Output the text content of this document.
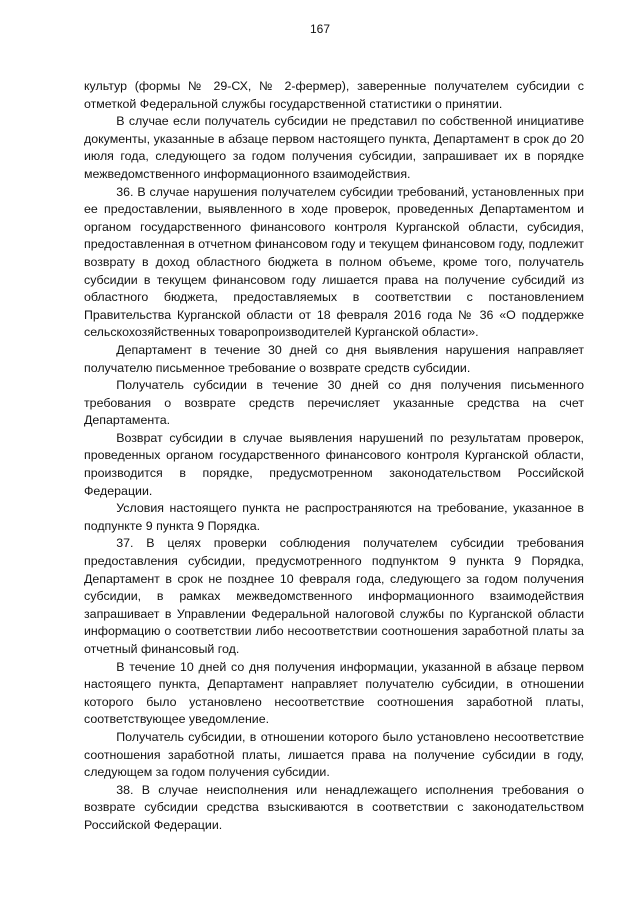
167

культур (формы № 29-СХ, № 2-фермер), заверенные получателем субсидии с отметкой Федеральной службы государственной статистики о принятии.

В случае если получатель субсидии не представил по собственной инициативе документы, указанные в абзаце первом настоящего пункта, Департамент в срок до 20 июля года, следующего за годом получения субсидии, запрашивает их в порядке межведомственного информационного взаимодействия.

36. В случае нарушения получателем субсидии требований, установленных при ее предоставлении, выявленного в ходе проверок, проведенных Департаментом и органом государственного финансового контроля Курганской области, субсидия, предоставленная в отчетном финансовом году и текущем финансовом году, подлежит возврату в доход областного бюджета в полном объеме, кроме того, получатель субсидии в текущем финансовом году лишается права на получение субсидий из областного бюджета, предоставляемых в соответствии с постановлением Правительства Курганской области от 18 февраля 2016 года № 36 «О поддержке сельскохозяйственных товаропроизводителей Курганской области».

Департамент в течение 30 дней со дня выявления нарушения направляет получателю письменное требование о возврате средств субсидии.

Получатель субсидии в течение 30 дней со дня получения письменного требования о возврате средств перечисляет указанные средства на счет Департамента.

Возврат субсидии в случае выявления нарушений по результатам проверок, проведенных органом государственного финансового контроля Курганской области, производится в порядке, предусмотренном законодательством Российской Федерации.

Условия настоящего пункта не распространяются на требование, указанное в подпункте 9 пункта 9 Порядка.

37. В целях проверки соблюдения получателем субсидии требования предоставления субсидии, предусмотренного подпунктом 9 пункта 9 Порядка, Департамент в срок не позднее 10 февраля года, следующего за годом получения субсидии, в рамках межведомственного информационного взаимодействия запрашивает в Управлении Федеральной налоговой службы по Курганской области информацию о соответствии либо несоответствии соотношения заработной платы за отчетный финансовый год.

В течение 10 дней со дня получения информации, указанной в абзаце первом настоящего пункта, Департамент направляет получателю субсидии, в отношении которого было установлено несоответствие соотношения заработной платы, соответствующее уведомление.

Получатель субсидии, в отношении которого было установлено несоответствие соотношения заработной платы, лишается права на получение субсидии в году, следующем за годом получения субсидии.

38. В случае неисполнения или ненадлежащего исполнения требования о возврате субсидии средства взыскиваются в соответствии с законодательством Российской Федерации.
